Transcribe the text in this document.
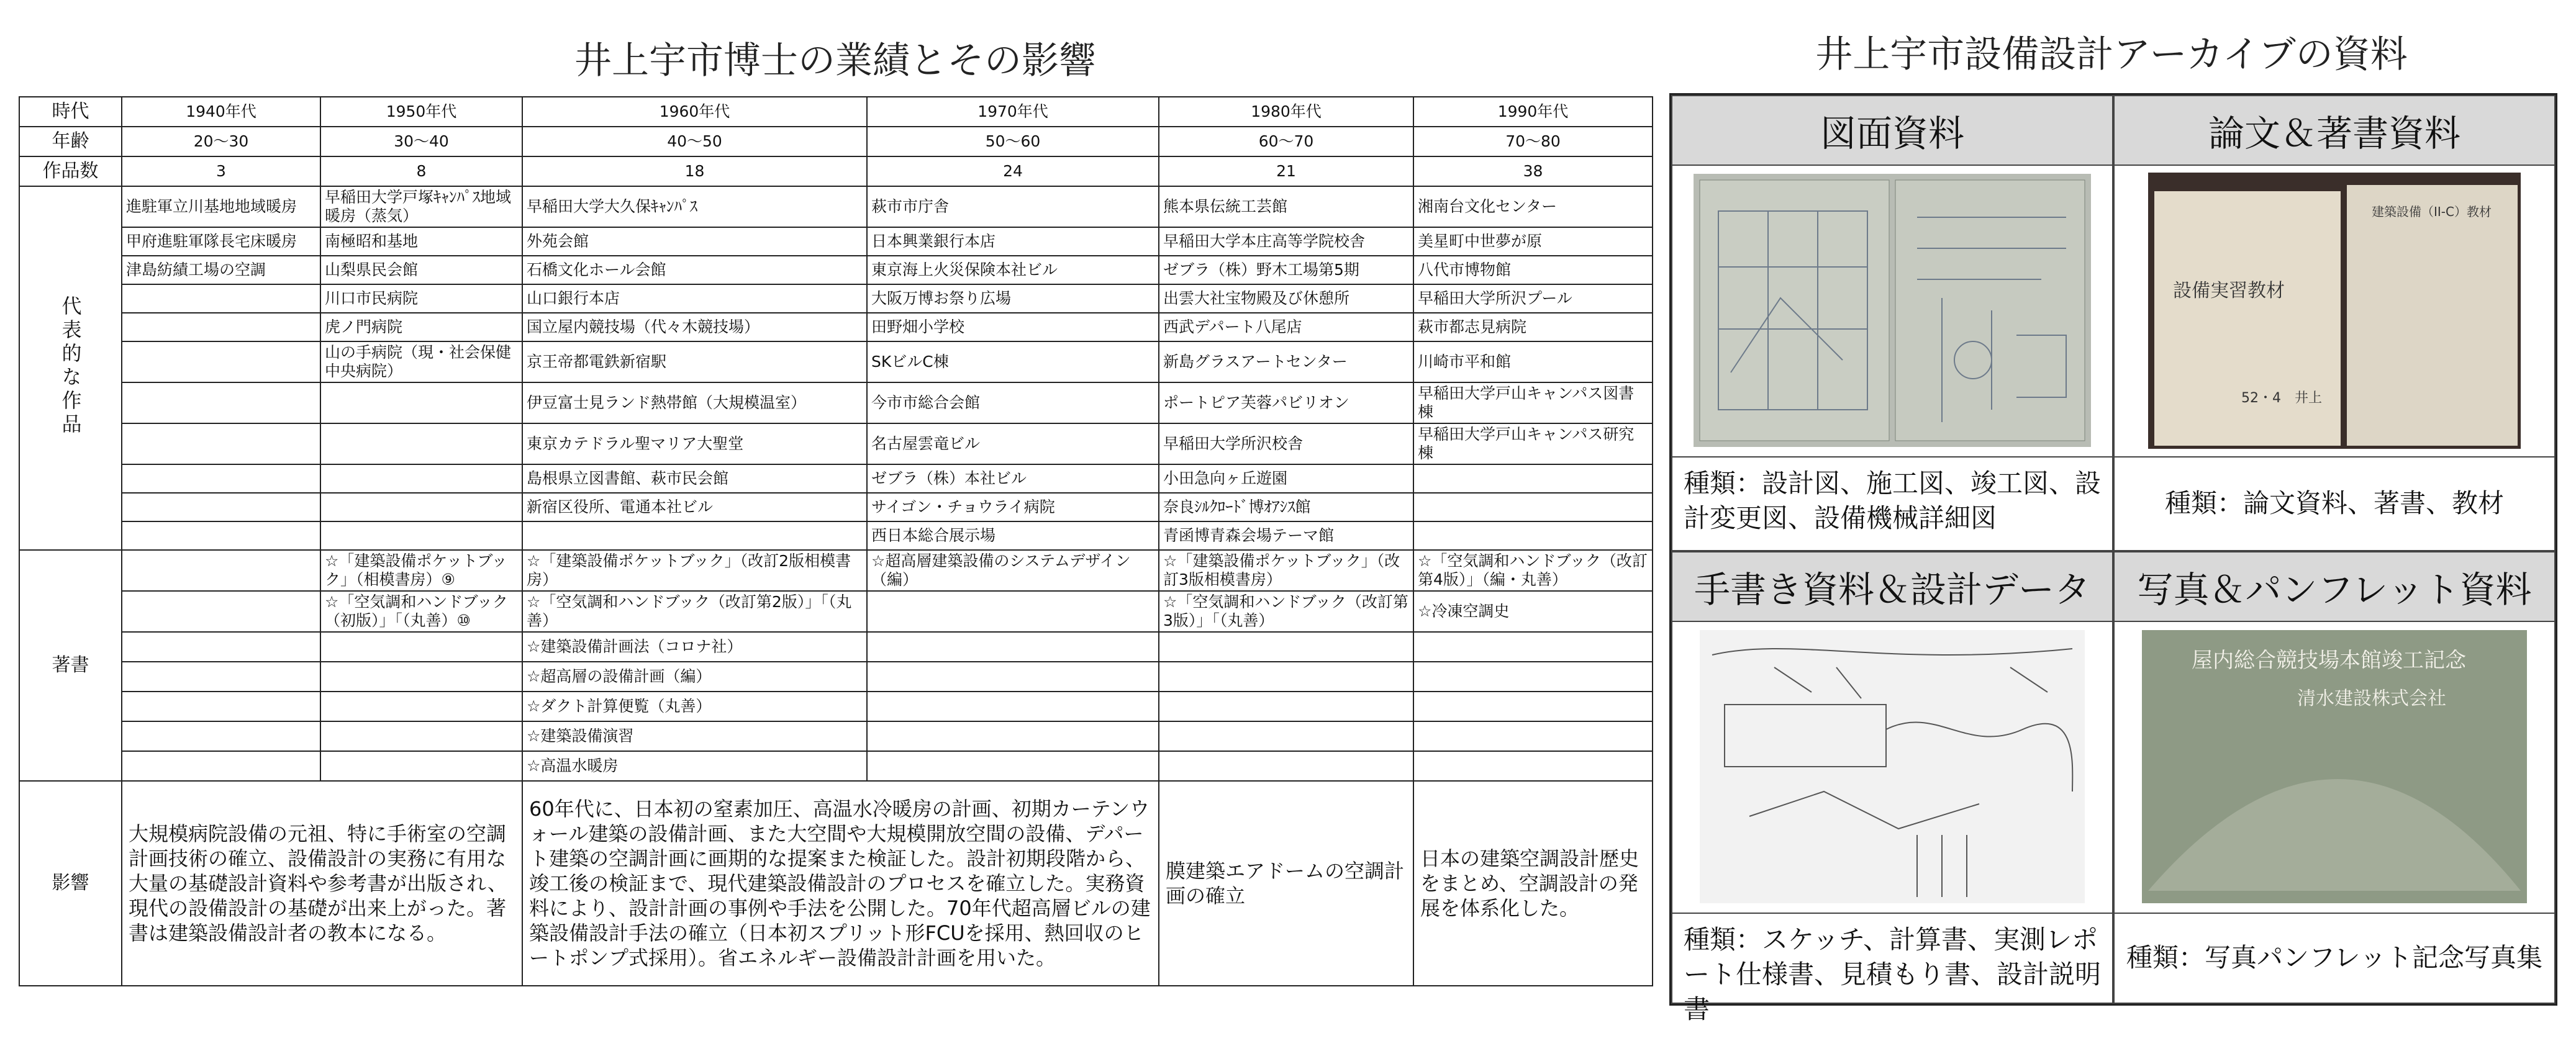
井上宇市博士の業績とその影響	井上宇市設備設計アーカイブの資料
時代	1940年代	1950年代	1960年代	1970年代	1980年代	1990年代
年齢	20～30	30～40	40～50	50～60	60～70	70～80
作品数	3	8	18	24	21	38
代表的な作品	進駐軍立川基地地域暖房	早稲田大学戸塚ｷｬﾝﾊﾟｽ地域暖房（蒸気）	早稲田大学大久保ｷｬﾝﾊﾟｽ	萩市市庁舎	熊本県伝統工芸館	湘南台文化センター
	甲府進駐軍隊長宅床暖房	南極昭和基地	外苑会館	日本興業銀行本店	早稲田大学本庄高等学院校舎	美星町中世夢が原
	津島紡績工場の空調	山梨県民会館	石橋文化ホール会館	東京海上火災保険本社ビル	ゼブラ（株）野木工場第5期	八代市博物館
		川口市民病院	山口銀行本店	大阪万博お祭り広場	出雲大社宝物殿及び休憩所	早稲田大学所沢プール
		虎ノ門病院	国立屋内競技場（代々木競技場）	田野畑小学校	西武デパート八尾店	萩市都志見病院
		山の手病院（現・社会保健中央病院）	京王帝都電鉄新宿駅	SKビルC棟	新島グラスアートセンター	川崎市平和館
			伊豆富士見ランド熱帯館（大規模温室）	今市市総合会館	ポートピア芙蓉パビリオン	早稲田大学戸山キャンパス図書棟
			東京カテドラル聖マリア大聖堂	名古屋雲竜ビル	早稲田大学所沢校舎	早稲田大学戸山キャンパス研究棟
			島根県立図書館、萩市民会館	ゼブラ（株）本社ビル	小田急向ヶ丘遊園	
			新宿区役所、電通本社ビル	サイゴン・チョウライ病院	奈良ｼﾙｸﾛｰﾄﾞ博ｵｱｼｽ館	
				西日本総合展示場	青函博青森会場テーマ館	
著書		☆「建築設備ポケットブック」（相模書房）⑨	☆「建築設備ポケットブック」（改訂2版相模書房）	☆超高層建築設備のシステムデザイン（編）	☆「建築設備ポケットブック」（改訂3版相模書房）	☆「空気調和ハンドブック（改訂第4版）」（編・丸善）
		☆「空気調和ハンドブック（初版）」「（丸善）⑩	☆「空気調和ハンドブック（改訂第2版）」「（丸善）		☆「空気調和ハンドブック（改訂第3版）」「（丸善）	☆冷凍空調史
			☆建築設備計画法（コロナ社）			
			☆超高層の設備計画（編）			
			☆ダクト計算便覧（丸善）			
			☆建築設備演習			
			☆高温水暖房			
影響	大規模病院設備の元祖、特に手術室の空調計画技術の確立、設備設計の実務に有用な大量の基礎設計資料や参考書が出版され、現代の設備設計の基礎が出来上がった。著書は建築設備設計者の教本になる。		60年代に、日本初の窒素加圧、高温水冷暖房の計画、初期カーテンウォール建築の設備計画、また大空間や大規模開放空間の設備、デパート建築の空調計画に画期的な提案また検証した。設計初期段階から、竣工後の検証まで、現代建築設備設計のプロセスを確立した。実務資料により、設計計画の事例や手法を公開した。70年代超高層ビルの建築設備設計手法の確立（日本初スプリット形FCUを採用、熱回収のヒートポンプ式採用）。省エネルギー設備設計計画を用いた。		膜建築エアドームの空調計画の確立	日本の建築空調設計歴史をまとめ、空調設計の発展を体系化した。
図面資料
種類：設計図、施工図、竣工図、設計変更図、設備機械詳細図
論文＆著書資料
設備実習教材
52・4　井上
建築設備（II-C）教材
種類：論文資料、著書、教材
手書き資料＆設計データ
種類：スケッチ、計算書、実測レポート仕様書、見積もり書、設計説明書
写真＆パンフレット資料
屋内総合競技場本館竣工記念
清水建設株式会社
種類：写真パンフレット記念写真集
